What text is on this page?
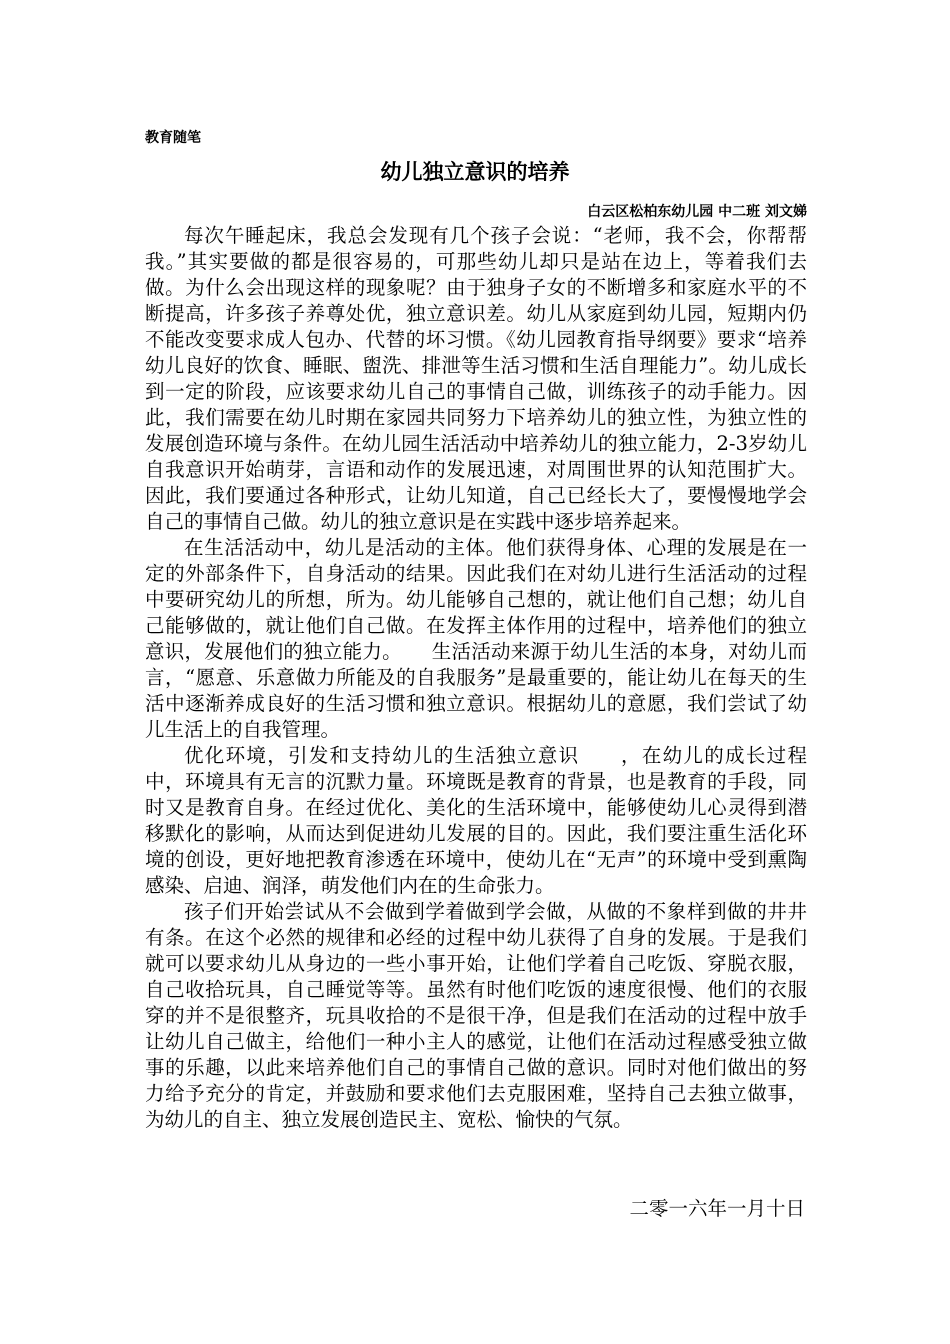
教育随笔
幼儿独立意识的培养
白云区松柏东幼儿园 中二班 刘文娣

每次午睡起床，我总会发现有几个孩子会说：“老师，我不会，你帮帮我。”其实要做的都是很容易的，可那些幼儿却只是站在边上，等着我们去做。为什么会出现这样的现象呢？由于独身子女的不断增多和家庭水平的不断提高，许多孩子养尊处优，独立意识差。幼儿从家庭到幼儿园，短期内仍不能改变要求成人包办、代替的坏习惯。《幼儿园教育指导纲要》要求“培养幼儿良好的饮食、睡眠、盥洗、排泄等生活习惯和生活自理能力”。幼儿成长到一定的阶段，应该要求幼儿自己的事情自己做，训练孩子的动手能力。因此，我们需要在幼儿时期在家园共同努力下培养幼儿的独立性，为独立性的发展创造环境与条件。在幼儿园生活活动中培养幼儿的独立能力，2-3岁幼儿自我意识开始萌芽，言语和动作的发展迅速，对周围世界的认知范围扩大。因此，我们要通过各种形式，让幼儿知道，自己已经长大了，要慢慢地学会自己的事情自己做。幼儿的独立意识是在实践中逐步培养起来。

在生活活动中，幼儿是活动的主体。他们获得身体、心理的发展是在一定的外部条件下，自身活动的结果。因此我们在对幼儿进行生活活动的过程中要研究幼儿的所想，所为。幼儿能够自己想的，就让他们自己想；幼儿自己能够做的，就让他们自己做。在发挥主体作用的过程中，培养他们的独立意识，发展他们的独立能力。　　生活活动来源于幼儿生活的本身，对幼儿而言，“愿意、乐意做力所能及的自我服务”是最重要的，能让幼儿在每天的生活中逐渐养成良好的生活习惯和独立意识。根据幼儿的意愿，我们尝试了幼儿生活上的自我管理。

优化环境，引发和支持幼儿的生活独立意识　　，在幼儿的成长过程中，环境具有无言的沉默力量。环境既是教育的背景，也是教育的手段，同时又是教育自身。在经过优化、美化的生活环境中，能够使幼儿心灵得到潜移默化的影响，从而达到促进幼儿发展的目的。因此，我们要注重生活化环境的创设，更好地把教育渗透在环境中，使幼儿在“无声”的环境中受到熏陶感染、启迪、润泽，萌发他们内在的生命张力。

孩子们开始尝试从不会做到学着做到学会做，从做的不象样到做的井井有条。在这个必然的规律和必经的过程中幼儿获得了自身的发展。于是我们就可以要求幼儿从身边的一些小事开始，让他们学着自己吃饭、穿脱衣服，自己收拾玩具，自己睡觉等等。虽然有时他们吃饭的速度很慢、他们的衣服穿的并不是很整齐，玩具收拾的不是很干净，但是我们在活动的过程中放手让幼儿自己做主，给他们一种小主人的感觉，让他们在活动过程感受独立做事的乐趣，以此来培养他们自己的事情自己做的意识。同时对他们做出的努力给予充分的肯定，并鼓励和要求他们去克服困难，坚持自己去独立做事，为幼儿的自主、独立发展创造民主、宽松、愉快的气氛。

二零一六年一月十日
